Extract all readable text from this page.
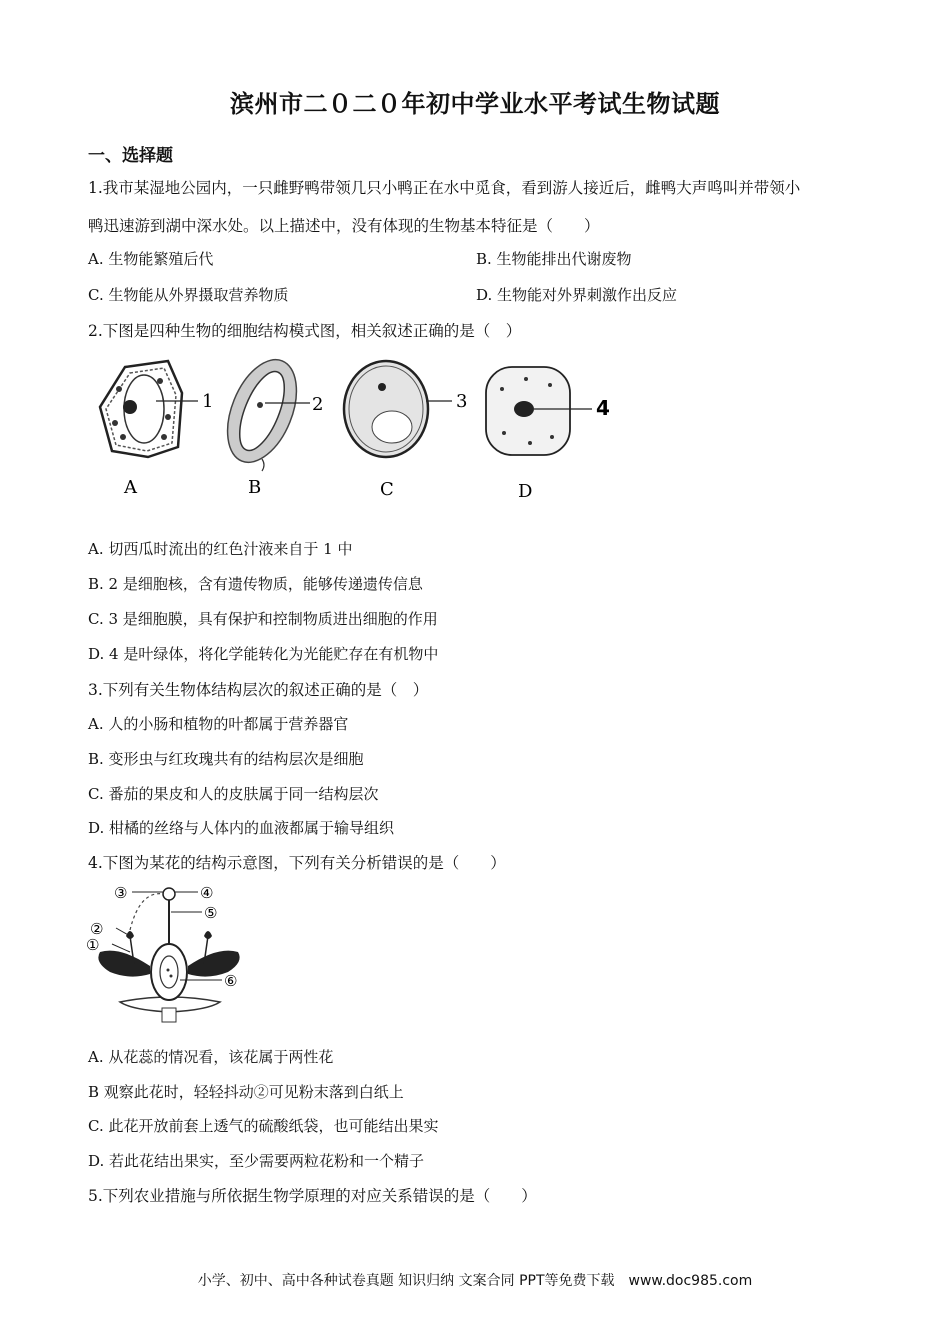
滨州市二０二０年初中学业水平考试生物试题
一、选择题
1.我市某湿地公园内，一只雌野鸭带领几只小鸭正在水中觅食，看到游人接近后，雌鸭大声鸣叫并带领小
鸭迅速游到湖中深水处。以上描述中，没有体现的生物基本特征是（　　）
A. 生物能繁殖后代	B. 生物能排出代谢废物
C. 生物能从外界摄取营养物质	D. 生物能对外界刺激作出反应
2.下图是四种生物的细胞结构模式图，相关叙述正确的是（　）
1
A
2
B
3
C
4
D
A. 切西瓜时流出的红色汁液来自于 1 中
B. 2 是细胞核，含有遗传物质，能够传递遗传信息
C. 3 是细胞膜，具有保护和控制物质进出细胞的作用
D. 4 是叶绿体，将化学能转化为光能贮存在有机物中
3.下列有关生物体结构层次的叙述正确的是（　）
A. 人的小肠和植物的叶都属于营养器官
B. 变形虫与红玫瑰共有的结构层次是细胞
C. 番茄的果皮和人的皮肤属于同一结构层次
D. 柑橘的丝络与人体内的血液都属于输导组织
4.下图为某花的结构示意图，下列有关分析错误的是（　　）
③	④
⑤
②
①
⑥
A. 从花蕊的情况看，该花属于两性花
B 观察此花时，轻轻抖动②可见粉末落到白纸上
C. 此花开放前套上透气的硫酸纸袋，也可能结出果实
D. 若此花结出果实，至少需要两粒花粉和一个精子
5.下列农业措施与所依据生物学原理的对应关系错误的是（　　）
小学、初中、高中各种试卷真题 知识归纳 文案合同 PPT等免费下载　www.doc985.com
